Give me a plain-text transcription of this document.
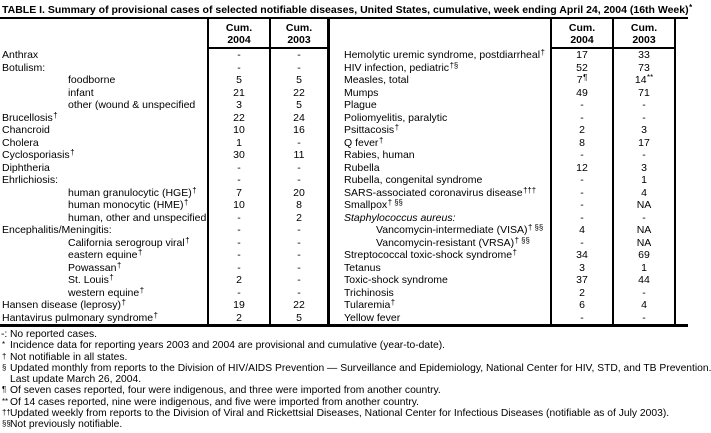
TABLE I. Summary of provisional cases of selected notifiable diseases, United States, cumulative, week ending April 24, 2004 (16th Week)*
Cum.
2004
Cum.
2003
Anthrax	-	-
Botulism:	-	-
foodborne	5	5
infant	21	22
other (wound & unspecified	3	5
Brucellosis†	22	24
Chancroid	10	16
Cholera	1	-
Cyclosporiasis†	30	11
Diphtheria	-	-
Ehrlichiosis:	-	-
human granulocytic (HGE)†	7	20
human monocytic (HME)†	10	8
human, other and unspecified	-	2
Encephalitis/Meningitis:	-	-
California serogroup viral†	-	-
eastern equine†	-	-
Powassan†	-	-
St. Louis†	2	-
western equine†	-	-
Hansen disease (leprosy)†	19	22
Hantavirus pulmonary syndrome†	2	5
Cum.
2004
Cum.
2003
Hemolytic uremic syndrome, postdiarrheal†	17	33
HIV infection, pediatric†§	52	73
Measles, total	7¶	14**
Mumps	49	71
Plague	-	-
Poliomyelitis, paralytic	-	-
Psittacosis†	2	3
Q fever†	8	17
Rabies, human	-	-
Rubella	12	3
Rubella, congenital syndrome	-	1
SARS-associated coronavirus disease†††	-	4
Smallpox† §§	-	NA
Staphylococcus aureus:	-	-
Vancomycin-intermediate (VISA)† §§	4	NA
Vancomycin-resistant (VRSA)† §§	-	NA
Streptococcal toxic-shock syndrome†	34	69
Tetanus	3	1
Toxic-shock syndrome	37	44
Trichinosis	2	-
Tularemia†	6	4
Yellow fever	-	-
-: No reported cases.
* Incidence data for reporting years 2003 and 2004 are provisional and cumulative (year-to-date).
† Not notifiable in all states.
§ Updated monthly from reports to the Division of HIV/AIDS Prevention — Surveillance and Epidemiology, National Center for HIV, STD, and TB Prevention.
Last update March 26, 2004.
¶ Of seven cases reported, four were indigenous, and three were imported from another country.
** Of 14 cases reported, nine were indigenous, and five were imported from another country.
†† Updated weekly from reports to the Division of Viral and Rickettsial Diseases, National Center for Infectious Diseases (notifiable as of July 2003).
§§ Not previously notifiable.
